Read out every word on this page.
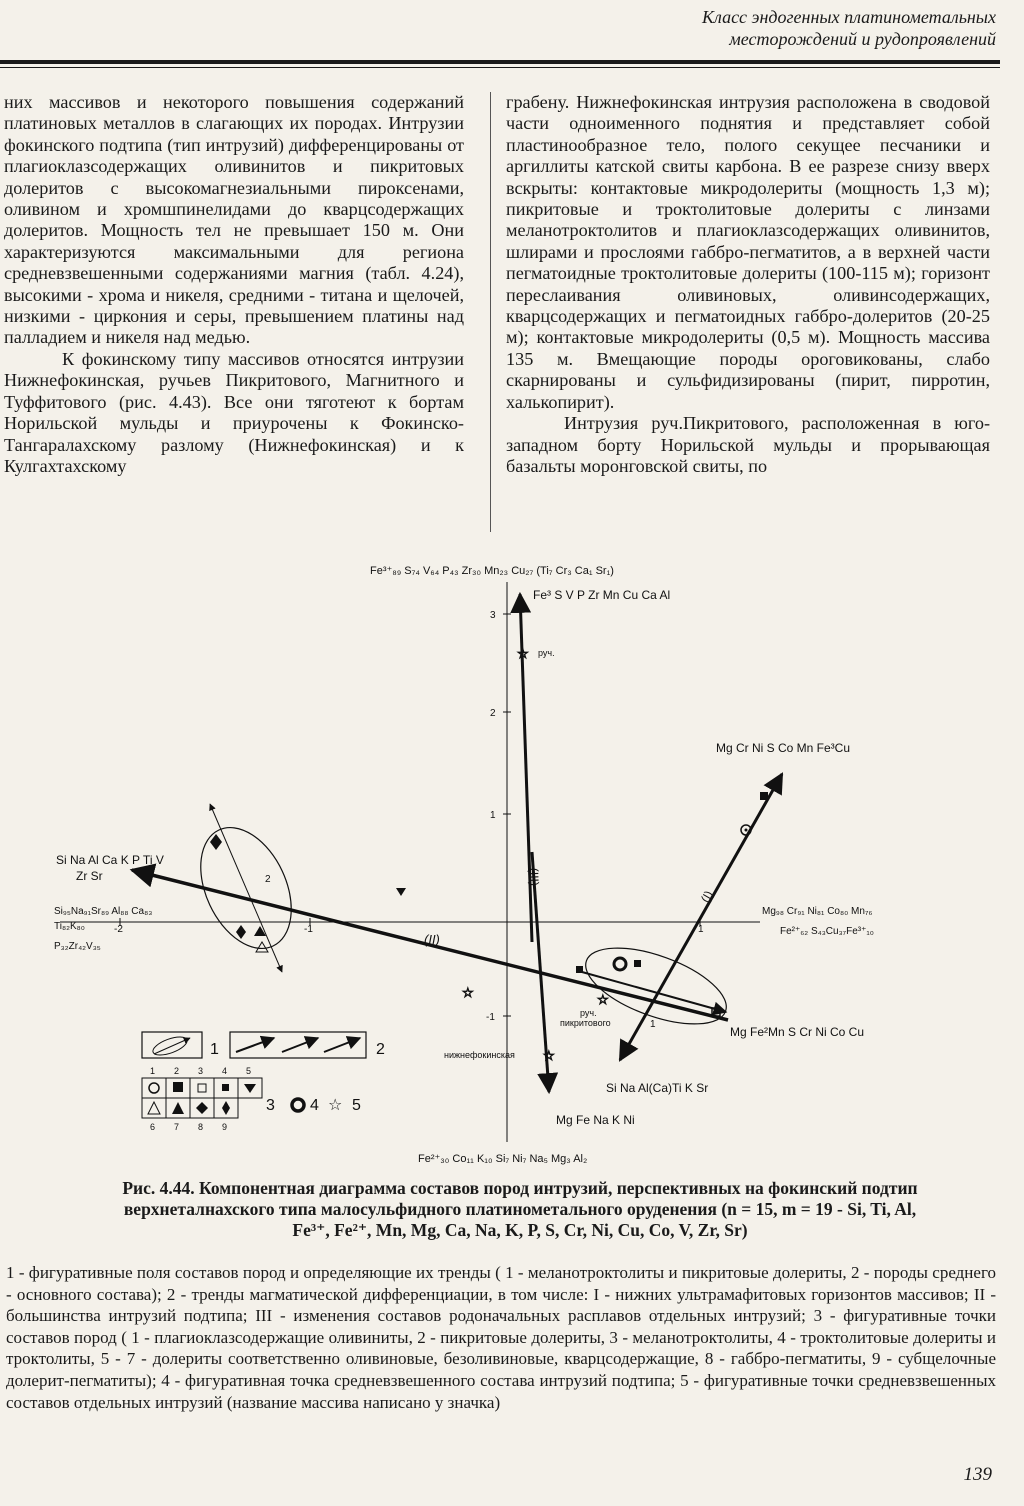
Класс эндогенных платинометальных
месторождений и рудопроявлений

них массивов и некоторого повышения содержаний платиновых металлов в слагающих их породах. Интрузии фокинского подтипа (тип интрузий) дифференцированы от плагиоклазсодержащих оливинитов и пикритовых долеритов с высокомагнезиальными пироксенами, оливином и хромшпинелидами до кварцсодержащих долеритов. Мощность тел не превышает 150 м. Они характеризуются максимальными для региона средневзвешенными содержаниями магния (табл. 4.24), высокими - хрома и никеля, средними - титана и щелочей, низкими - циркония и серы, превышением платины над палладием и никеля над медью.

К фокинскому типу массивов относятся интрузии Нижнефокинская, ручьев Пикритового, Магнитного и Туффитового (рис. 4.43). Все они тяготеют к бортам Норильской мульды и приурочены к Фокинско-Тангаралахскому разлому (Нижнефокинская) и к Кулгахтахскому

грабену. Нижнефокинская интрузия расположена в сводовой части одноименного поднятия и представляет собой пластинообразное тело, полого секущее песчаники и аргиллиты катской свиты карбона. В ее разрезе снизу вверх вскрыты: контактовые микродолериты (мощность 1,3 м); пикритовые и троктолитовые долериты с линзами меланотроктолитов и плагиоклазсодержащих оливинитов, шлирами и прослоями габбро-пегматитов, а в верхней части пегматоидные троктолитовые долериты (100-115 м); горизонт переслаивания оливиновых, оливинсодержащих, кварцсодержащих и пегматоидных габбро-долеритов (20-25 м); контактовые микродолериты (0,5 м). Мощность массива 135 м. Вмещающие породы ороговикованы, слабо скарнированы и сульфидизированы (пирит, пирротин, халькопирит).

Интрузия руч.Пикритового, расположенная в юго-западном борту Норильской мульды и прорывающая базальты моронговской свиты, по

Fe³⁺₈₉ S₇₄ V₆₄ P₄₃ Zr₃₀ Mn₂₃ Cu₂₇ (Ti₇ Cr₃ Ca₁ Sr₁)
Fe²⁺₃₀ Co₁₁ K₁₀ Si₇ Ni₇ Na₅ Mg₃ Al₂
Si₉₅Na₉₁Sr₈₉ Al₈₈ Ca₈₃
Ti₈₂K₈₀
P₃₂Zr₄₂V₃₅
Mg₉₈ Cr₉₁ Ni₈₁ Co₈₀ Mn₇₆
Fe²⁺₆₂ S₄₃Cu₃₇Fe³⁺₁₀
3
2
1
-1
-2	-1	1
Fe³ S V P Zr Mn Cu Ca Al
Mg Fe Na K Ni
(III)
Mg Cr Ni S Co Mn Fe³Cu
Si Na Al(Ca)Ti K Sr
(I)
Si Na Al Ca K P Ti V
Zr Sr
Mg Fe²Mn S Cr Ni Co Cu
(II)
2
1
☆
☆	☆
☆
руч.
руч.
пикритового
нижнефокинская
1	2
1 2 3 4 5
6 7 8 9
3 4 ☆ 5
Рис. 4.44. Компонентная диаграмма составов пород интрузий, перспективных на фокинский подтип
верхнеталнахского типа малосульфидного платинометального оруденения (n = 15, m = 19 - Si, Ti, Al,
Fe³⁺, Fe²⁺, Mn, Mg, Ca, Na, K, P, S, Cr, Ni, Cu, Co, V, Zr, Sr)
1 - фигуративные поля составов пород и определяющие их тренды ( 1 - меланотроктолиты и пикритовые долериты, 2 - породы среднего - основного состава); 2 - тренды магматической дифференциации, в том числе: I - нижних ультрамафитовых горизонтов массивов; II - большинства интрузий подтипа; III - изменения составов родоначальных расплавов отдельных интрузий; 3 - фигуративные точки составов пород ( 1 - плагиоклазсодержащие оливиниты, 2 - пикритовые долериты, 3 - меланотроктолиты, 4 - троктолитовые долериты и троктолиты, 5 - 7 - долериты соответственно оливиновые, безоливиновые, кварцсодержащие, 8 - габбро-пегматиты, 9 - субщелочные долерит-пегматиты); 4 - фигуративная точка средневзвешенного состава интрузий подтипа; 5 - фигуративные точки средневзвешенных составов отдельных интрузий (название массива написано у значка)
139
